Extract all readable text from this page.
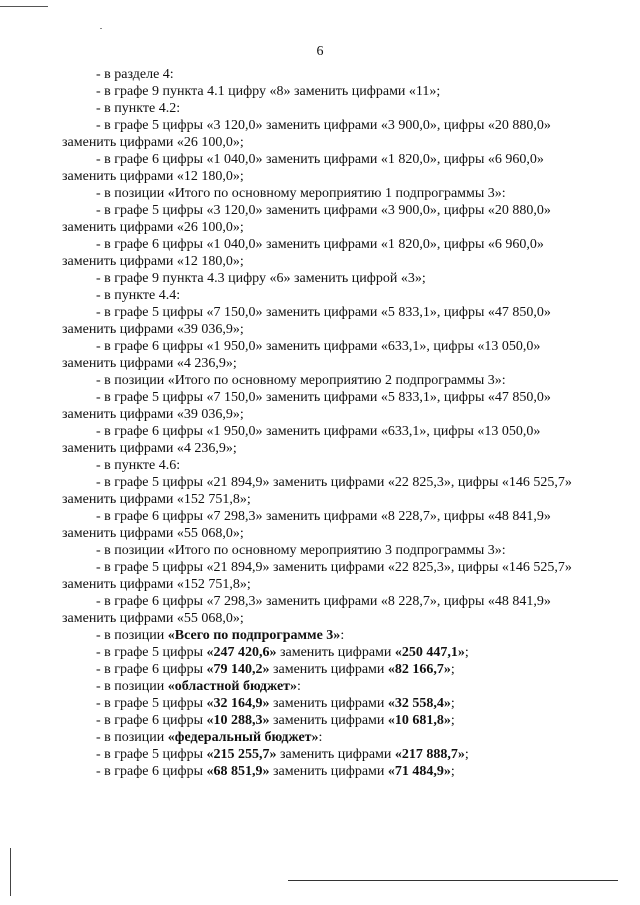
6
- в разделе 4:
- в графе 9 пункта 4.1 цифру «8» заменить цифрами «11»;
- в пункте 4.2:
- в графе 5 цифры «3 120,0» заменить цифрами «3 900,0», цифры «20 880,0»
заменить цифрами «26 100,0»;
- в графе 6 цифры «1 040,0» заменить цифрами «1 820,0», цифры «6 960,0»
заменить цифрами «12 180,0»;
- в позиции «Итого по основному мероприятию 1 подпрограммы 3»:
- в графе 5 цифры «3 120,0» заменить цифрами «3 900,0», цифры «20 880,0»
заменить цифрами «26 100,0»;
- в графе 6 цифры «1 040,0» заменить цифрами «1 820,0», цифры «6 960,0»
заменить цифрами «12 180,0»;
- в графе 9 пункта 4.3 цифру «6» заменить цифрой «3»;
- в пункте 4.4:
- в графе 5 цифры «7 150,0» заменить цифрами «5 833,1», цифры «47 850,0»
заменить цифрами «39 036,9»;
- в графе 6 цифры «1 950,0» заменить цифрами «633,1», цифры «13 050,0»
заменить цифрами «4 236,9»;
- в позиции «Итого по основному мероприятию 2 подпрограммы 3»:
- в графе 5 цифры «7 150,0» заменить цифрами «5 833,1», цифры «47 850,0»
заменить цифрами «39 036,9»;
- в графе 6 цифры «1 950,0» заменить цифрами «633,1», цифры «13 050,0»
заменить цифрами «4 236,9»;
- в пункте 4.6:
- в графе 5 цифры «21 894,9» заменить цифрами «22 825,3», цифры «146 525,7»
заменить цифрами «152 751,8»;
- в графе 6 цифры «7 298,3» заменить цифрами «8 228,7», цифры «48 841,9»
заменить цифрами «55 068,0»;
- в позиции «Итого по основному мероприятию 3 подпрограммы 3»:
- в графе 5 цифры «21 894,9» заменить цифрами «22 825,3», цифры «146 525,7»
заменить цифрами «152 751,8»;
- в графе 6 цифры «7 298,3» заменить цифрами «8 228,7», цифры «48 841,9»
заменить цифрами «55 068,0»;
- в позиции «Всего по подпрограмме 3»:
- в графе 5 цифры «247 420,6» заменить цифрами «250 447,1»;
- в графе 6 цифры «79 140,2» заменить цифрами «82 166,7»;
- в позиции «областной бюджет»:
- в графе 5 цифры «32 164,9» заменить цифрами «32 558,4»;
- в графе 6 цифры «10 288,3» заменить цифрами «10 681,8»;
- в позиции «федеральный бюджет»:
- в графе 5 цифры «215 255,7» заменить цифрами «217 888,7»;
- в графе 6 цифры «68 851,9» заменить цифрами «71 484,9»;
